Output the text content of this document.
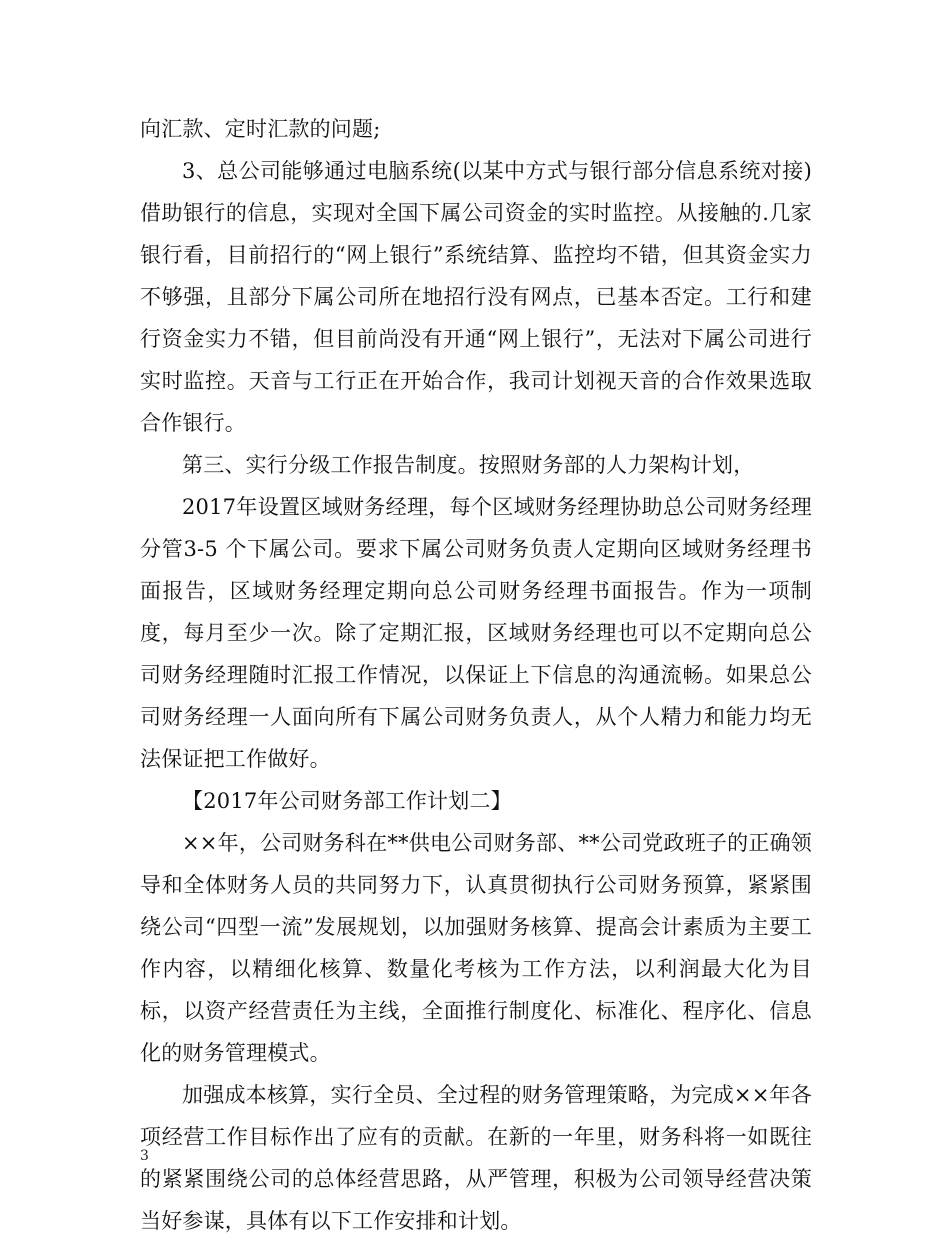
向汇款、定时汇款的问题;

3、总公司能够通过电脑系统(以某中方式与银行部分信息系统对接)借助银行的信息，实现对全国下属公司资金的实时监控。从接触的.几家银行看，目前招行的“网上银行”系统结算、监控均不错，但其资金实力不够强，且部分下属公司所在地招行没有网点，已基本否定。工行和建行资金实力不错，但目前尚没有开通“网上银行”，无法对下属公司进行实时监控。天音与工行正在开始合作，我司计划视天音的合作效果选取合作银行。

第三、实行分级工作报告制度。按照财务部的人力架构计划，

2017年设置区域财务经理，每个区域财务经理协助总公司财务经理分管3-5 个下属公司。要求下属公司财务负责人定期向区域财务经理书面报告，区域财务经理定期向总公司财务经理书面报告。作为一项制度，每月至少一次。除了定期汇报，区域财务经理也可以不定期向总公司财务经理随时汇报工作情况，以保证上下信息的沟通流畅。如果总公司财务经理一人面向所有下属公司财务负责人，从个人精力和能力均无法保证把工作做好。

【2017年公司财务部工作计划二】

××年，公司财务科在**供电公司财务部、**公司党政班子的正确领导和全体财务人员的共同努力下，认真贯彻执行公司财务预算，紧紧围绕公司“四型一流”发展规划，以加强财务核算、提高会计素质为主要工作内容，以精细化核算、数量化考核为工作方法，以利润最大化为目标，以资产经营责任为主线，全面推行制度化、标准化、程序化、信息化的财务管理模式。

加强成本核算，实行全员、全过程的财务管理策略，为完成××年各项经营工作目标作出了应有的贡献。在新的一年里，财务科将一如既往的紧紧围绕公司的总体经营思路，从严管理，积极为公司领导经营决策当好参谋，具体有以下工作安排和计划。

3
